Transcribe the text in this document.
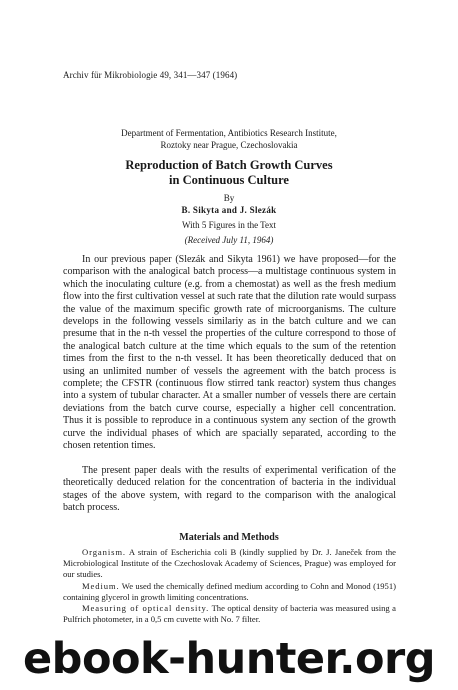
Archiv für Mikrobiologie 49, 341—347 (1964)
Department of Fermentation, Antibiotics Research Institute,
Roztoky near Prague, Czechoslovakia
Reproduction of Batch Growth Curves
in Continuous Culture
By
B. Sikyta and J. Slezák
With 5 Figures in the Text
(Received July 11, 1964)

In our previous paper (Slezák and Sikyta 1961) we have proposed—for the comparison with the analogical batch process—a multistage continuous system in which the inoculating culture (e.g. from a chemostat) as well as the fresh medium flow into the first cultivation vessel at such rate that the dilution rate would surpass the value of the maximum specific growth rate of microorganisms. The culture develops in the following vessels similariy as in the batch culture and we can presume that in the n-th vessel the properties of the culture correspond to those of the analogical batch culture at the time which equals to the sum of the retention times from the first to the n-th vessel. It has been theoretically deduced that on using an unlimited number of vessels the agreement with the batch process is complete; the CFSTR (continuous flow stirred tank reactor) system thus changes into a system of tubular character. At a smaller number of vessels there are certain deviations from the batch curve course, especially a higher cell concentration. Thus it is possible to reproduce in a continuous system any section of the growth curve the individual phases of which are spacially separated, according to the chosen retention times.

The present paper deals with the results of experimental verification of the theoretically deduced relation for the concentration of bacteria in the individual stages of the above system, with regard to the comparison with the analogical batch process.

Materials and Methods

Organism. A strain of Escherichia coli B (kindly supplied by Dr. J. Janeček from the Microbiological Institute of the Czechoslovak Academy of Sciences, Prague) was employed for our studies.

Medium. We used the chemically defined medium according to Cohn and Monod (1951) containing glycerol in growth limiting concentrations.

Measuring of optical density. The optical density of bacteria was measured using a Pulfrich photometer, in a 0,5 cm cuvette with No. 7 filter.

ebook-hunter.org
